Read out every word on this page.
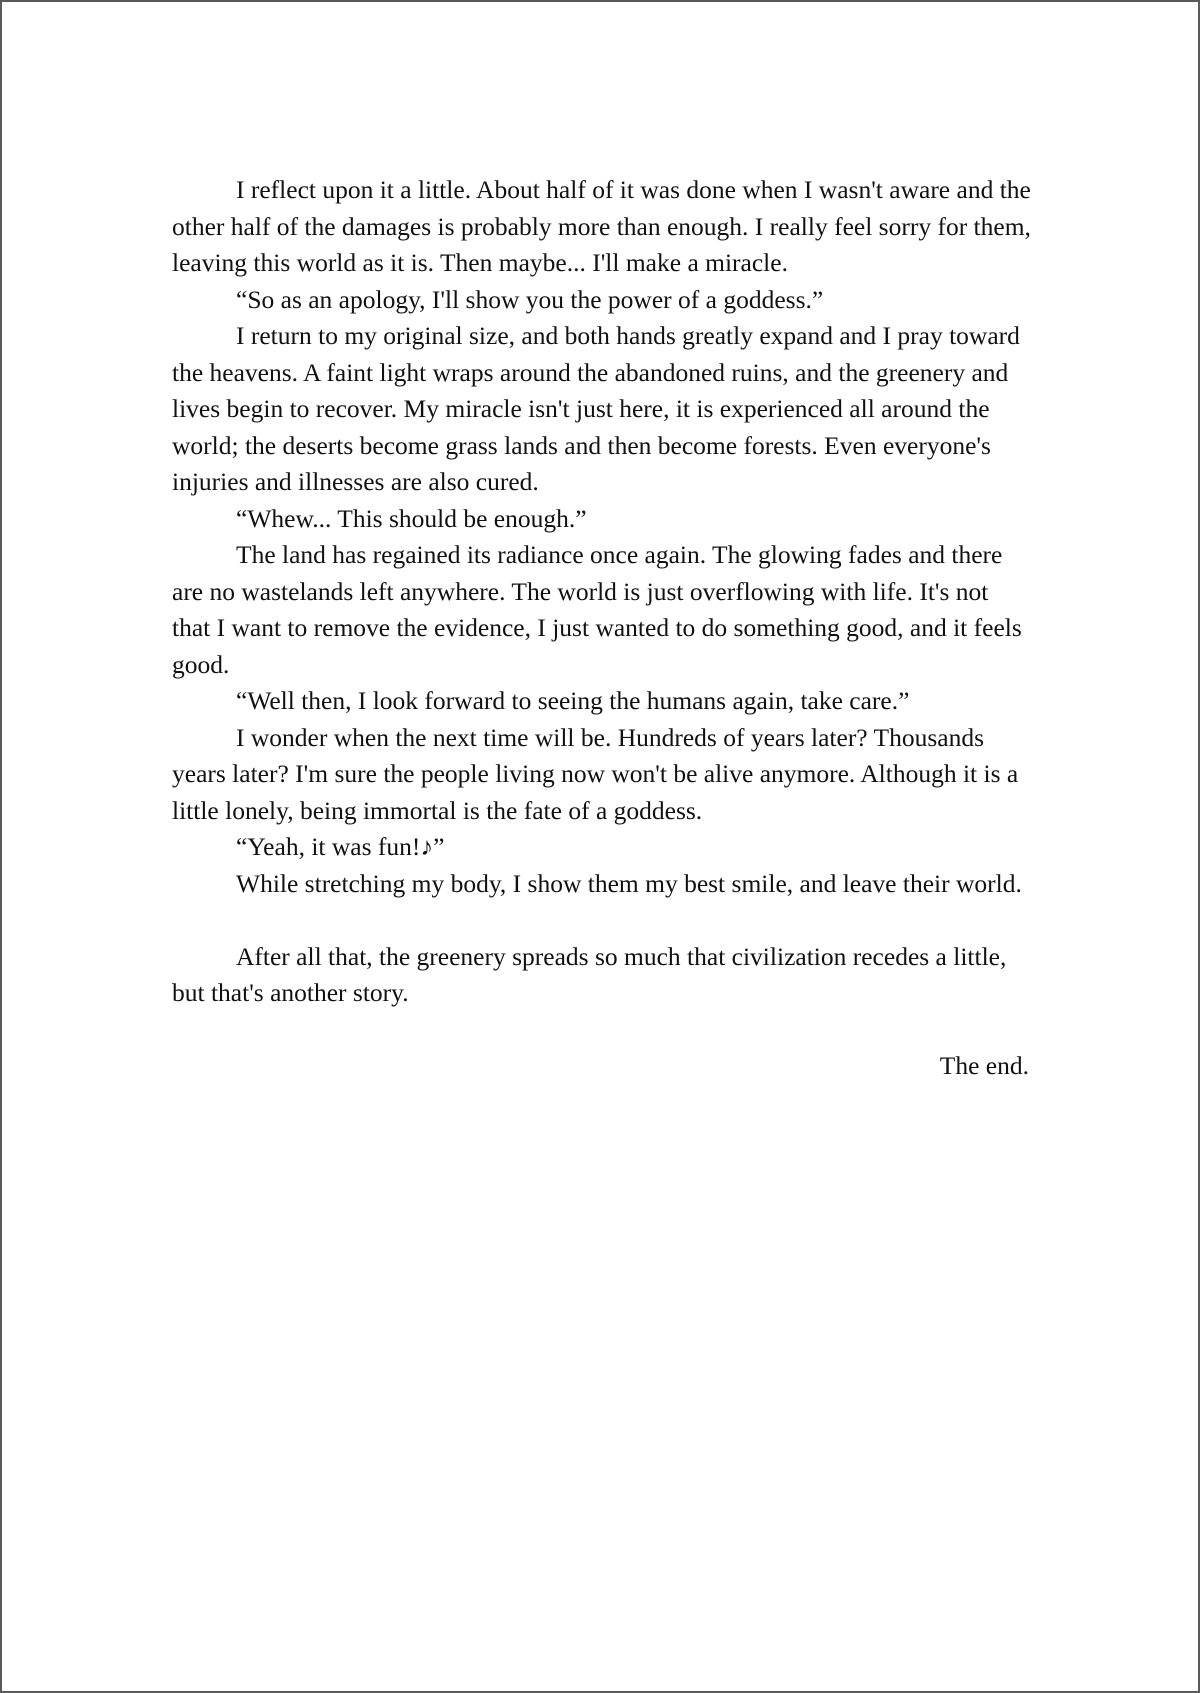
I reflect upon it a little. About half of it was done when I wasn't aware and the other half of the damages is probably more than enough. I really feel sorry for them, leaving this world as it is. Then maybe... I'll make a miracle.

“So as an apology, I'll show you the power of a goddess.”

I return to my original size, and both hands greatly expand and I pray toward the heavens. A faint light wraps around the abandoned ruins, and the greenery and lives begin to recover. My miracle isn't just here, it is experienced all around the world; the deserts become grass lands and then become forests. Even everyone's injuries and illnesses are also cured.

“Whew... This should be enough.”

The land has regained its radiance once again. The glowing fades and there are no wastelands left anywhere. The world is just overflowing with life. It's not that I want to remove the evidence, I just wanted to do something good, and it feels good.

“Well then, I look forward to seeing the humans again, take care.”

I wonder when the next time will be. Hundreds of years later? Thousands years later? I'm sure the people living now won't be alive anymore. Although it is a little lonely, being immortal is the fate of a goddess.

“Yeah, it was fun!♪”

While stretching my body, I show them my best smile, and leave their world.

After all that, the greenery spreads so much that civilization recedes a little, but that's another story.

The end.
